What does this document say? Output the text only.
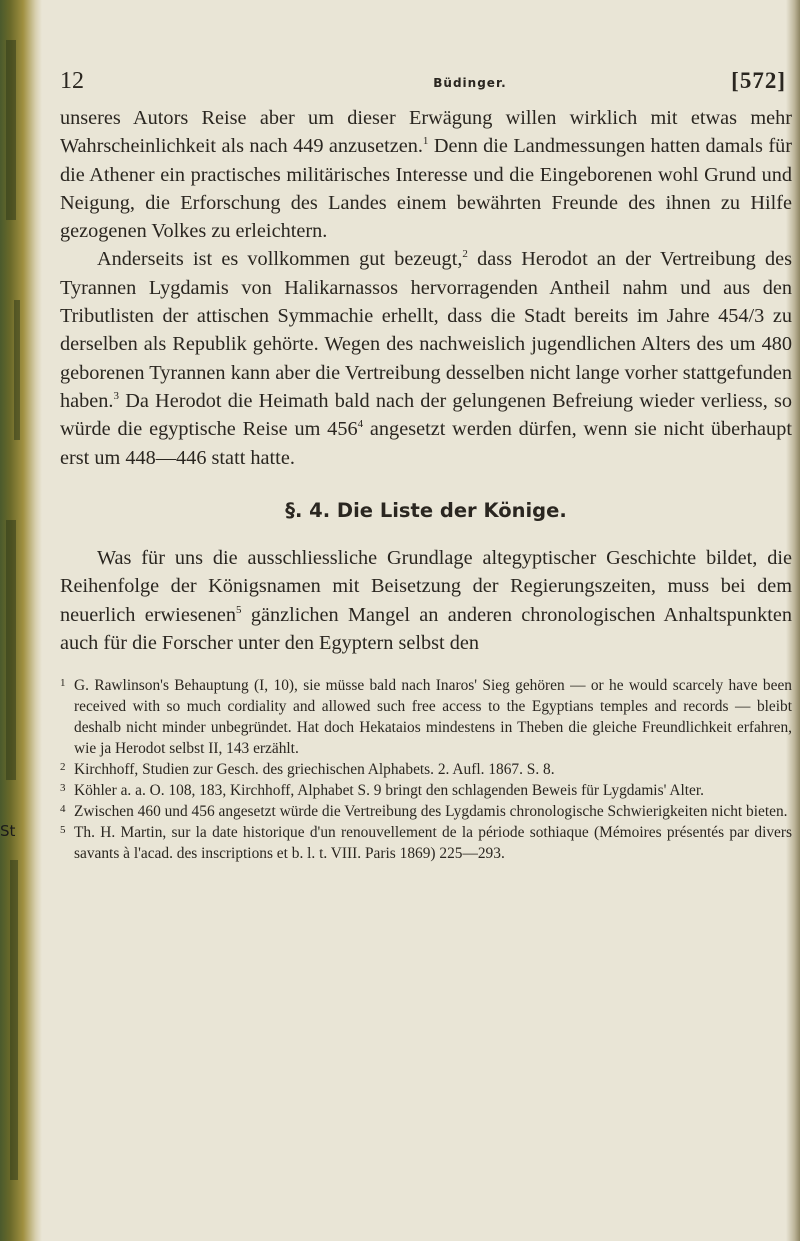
St
12	Büdinger.	[572]

unseres Autors Reise aber um dieser Erwägung willen wirklich mit etwas mehr Wahrscheinlichkeit als nach 449 anzusetzen.$^1$ Denn die Landmessungen hatten damals für die Athener ein practisches militärisches Interesse und die Eingeborenen wohl Grund und Neigung, die Erforschung des Landes einem bewährten Freunde des ihnen zu Hilfe gezogenen Volkes zu erleichtern.

Anderseits ist es vollkommen gut bezeugt,$^2$ dass Herodot an der Vertreibung des Tyrannen Lygdamis von Halikarnassos hervorragenden Antheil nahm und aus den Tributlisten der attischen Symmachie erhellt, dass die Stadt bereits im Jahre 454/3 zu derselben als Republik gehörte. Wegen des nachweislich jugendlichen Alters des um 480 geborenen Tyrannen kann aber die Vertreibung desselben nicht lange vorher stattgefunden haben.$^3$ Da Herodot die Heimath bald nach der gelungenen Befreiung wieder verliess, so würde die egyptische Reise um $456^4$ angesetzt werden dürfen, wenn sie nicht überhaupt erst um 448—446 statt hatte.

§. 4. Die Liste der Könige.

Was für uns die ausschliessliche Grundlage altegyptischer Geschichte bildet, die Reihenfolge der Königsnamen mit Beisetzung der Regierungszeiten, muss bei dem neuerlich erwiesenen$^5$ gänzlichen Mangel an anderen chronologischen Anhaltspunkten auch für die Forscher unter den Egyptern selbst den

1 G. Rawlinson's Behauptung (I, 10), sie müsse bald nach Inaros' Sieg gehören — or he would scarcely have been received with so much cordiality and allowed such free access to the Egyptians temples and records — bleibt deshalb nicht minder unbegründet. Hat doch Hekataios mindestens in Theben die gleiche Freundlichkeit erfahren, wie ja Herodot selbst II, 143 erzählt.

2 Kirchhoff, Studien zur Gesch. des griechischen Alphabets. 2. Aufl. 1867. S. 8.

3 Köhler a. a. O. 108, 183, Kirchhoff, Alphabet S. 9 bringt den schlagenden Beweis für Lygdamis' Alter.

4 Zwischen 460 und 456 angesetzt würde die Vertreibung des Lygdamis chronologische Schwierigkeiten nicht bieten.

5 Th. H. Martin, sur la date historique d'un renouvellement de la période sothiaque (Mémoires présentés par divers savants à l'acad. des inscriptions et b. l. t. VIII. Paris 1869) 225—293.
